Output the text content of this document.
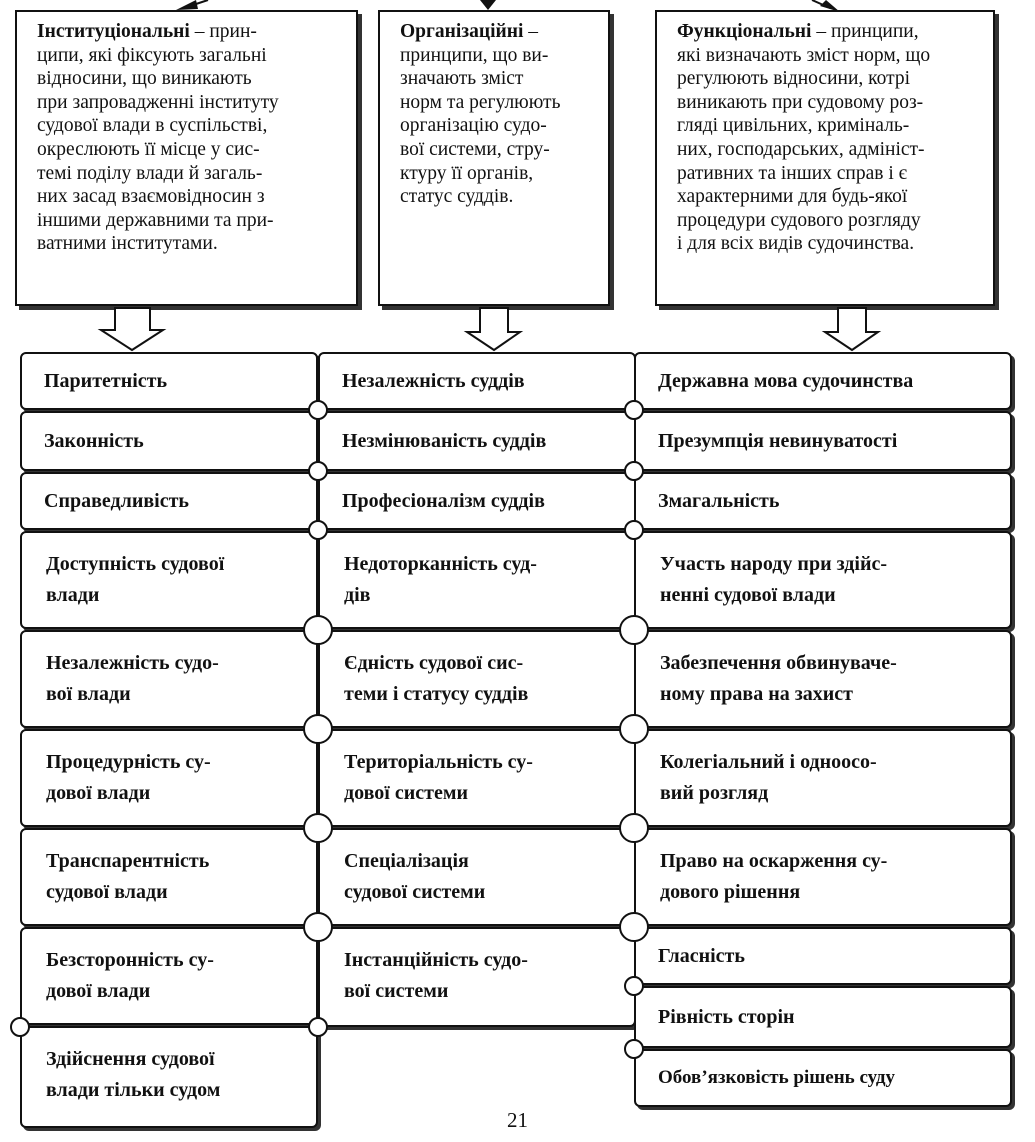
Інституціональні – прин-
ципи, які фіксують загальні
відносини, що виникають
при запровадженні інституту
судової влади в суспільстві,
окреслюють її місце у сис-
темі поділу влади й загаль-
них засад взаємовідносин з
іншими державними та при-
ватними інститутами.
Організаційні –
принципи, що ви-
значають зміст
норм та регулюють
організацію судо-
вої системи, стру-
ктуру її органів,
статус суддів.
Функціональні – принципи,
які визначають зміст норм, що
регулюють відносини, котрі
виникають при судовому роз-
гляді цивільних, криміналь-
них, господарських, адмініст-
ративних та інших справ і є
характерними для будь-якої
процедури судового розгляду
і для всіх видів судочинства.
Паритетність
Законність
Справедливість
Доступність судової
влади
Незалежність судо-
вої влади
Процедурність су-
дової влади
Транспарентність
судової влади
Безсторонність су-
дової влади
Здійснення судової
влади тільки судом
Незалежність суддів
Незмінюваність суддів
Професіоналізм суддів
Недоторканність суд-
дів
Єдність судової сис-
теми і статусу суддів
Територіальність су-
дової системи
Спеціалізація
судової системи
Інстанційність судо-
вої системи
Державна мова судочинства
Презумпція невинуватості
Змагальність
Участь народу при здійс-
ненні судової влади
Забезпечення обвинуваче-
ному права на захист
Колегіальний і одноосо-
вий розгляд
Право на оскарження су-
дового рішення
Гласність
Рівність сторін
Обов’язковість рішень суду
21
